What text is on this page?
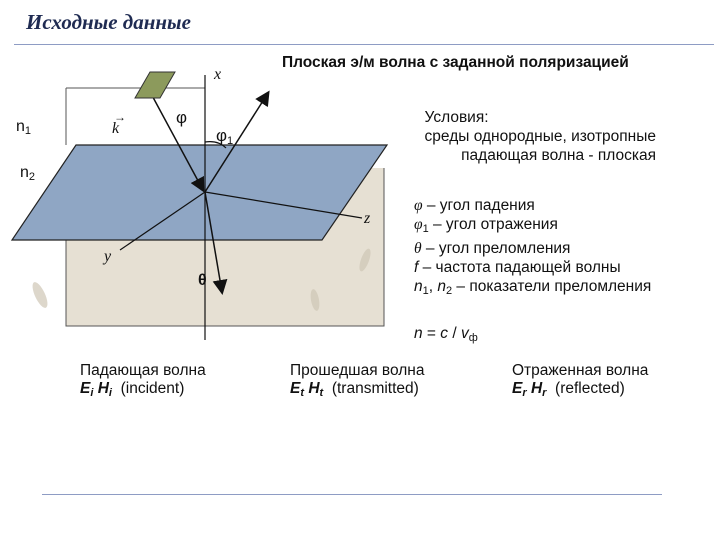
Исходные данные
x
$n_1$
$n_2$
→
k
φ
$\varphi_1$
z
y
θ
Плоская э/м волна с заданной поляризацией
Условия:
среды однородные, изотропные
падающая волна - плоская
φ – угол падения
$\varphi_1$ – угол отражения
θ – угол преломления
f – частота падающей волны
$n_1$, $n_2$ – показатели преломления
$n = c / v_ф$
Падающая волна
$E_i$ $H_i$ (incident)
Прошедшая волна
$E_t$ $H_t$ (transmitted)
Отраженная волна
$E_r$ $H_r$ (reflected)
